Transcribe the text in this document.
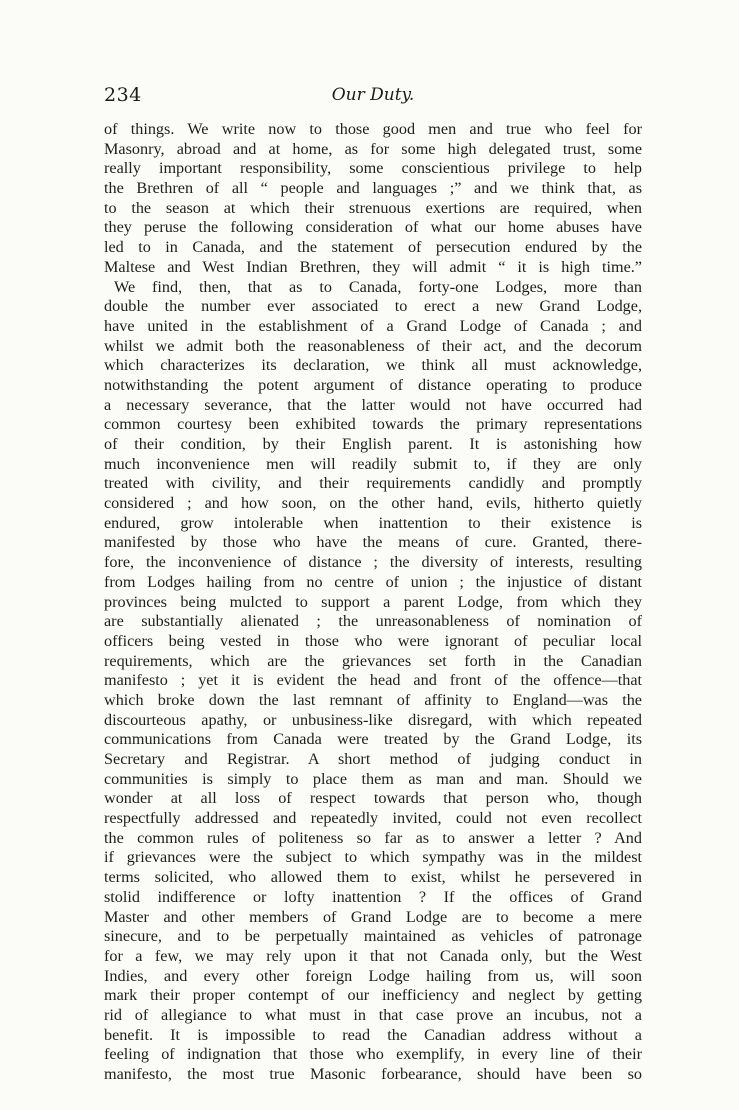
234	Our Duty.
of things. We write now to those good men and true who feel for
Masonry, abroad and at home, as for some high delegated trust, some
really important responsibility, some conscientious privilege to help
the Brethren of all “ people and languages ;” and we think that, as
to the season at which their strenuous exertions are required, when
they peruse the following consideration of what our home abuses have
led to in Canada, and the statement of persecution endured by the
Maltese and West Indian Brethren, they will admit “ it is high time.”
We find, then, that as to Canada, forty-one Lodges, more than
double the number ever associated to erect a new Grand Lodge,
have united in the establishment of a Grand Lodge of Canada ; and
whilst we admit both the reasonableness of their act, and the decorum
which characterizes its declaration, we think all must acknowledge,
notwithstanding the potent argument of distance operating to produce
a necessary severance, that the latter would not have occurred had
common courtesy been exhibited towards the primary representations
of their condition, by their English parent. It is astonishing how
much inconvenience men will readily submit to, if they are only
treated with civility, and their requirements candidly and promptly
considered ; and how soon, on the other hand, evils, hitherto quietly
endured, grow intolerable when inattention to their existence is
manifested by those who have the means of cure. Granted, there-
fore, the inconvenience of distance ; the diversity of interests, resulting
from Lodges hailing from no centre of union ; the injustice of distant
provinces being mulcted to support a parent Lodge, from which they
are substantially alienated ; the unreasonableness of nomination of
officers being vested in those who were ignorant of peculiar local
requirements, which are the grievances set forth in the Canadian
manifesto ; yet it is evident the head and front of the offence—that
which broke down the last remnant of affinity to England—was the
discourteous apathy, or unbusiness-like disregard, with which repeated
communications from Canada were treated by the Grand Lodge, its
Secretary and Registrar. A short method of judging conduct in
communities is simply to place them as man and man. Should we
wonder at all loss of respect towards that person who, though
respectfully addressed and repeatedly invited, could not even recollect
the common rules of politeness so far as to answer a letter ? And
if grievances were the subject to which sympathy was in the mildest
terms solicited, who allowed them to exist, whilst he persevered in
stolid indifference or lofty inattention ? If the offices of Grand
Master and other members of Grand Lodge are to become a mere
sinecure, and to be perpetually maintained as vehicles of patronage
for a few, we may rely upon it that not Canada only, but the West
Indies, and every other foreign Lodge hailing from us, will soon
mark their proper contempt of our inefficiency and neglect by getting
rid of allegiance to what must in that case prove an incubus, not a
benefit. It is impossible to read the Canadian address without a
feeling of indignation that those who exemplify, in every line of their
manifesto, the most true Masonic forbearance, should have been so
